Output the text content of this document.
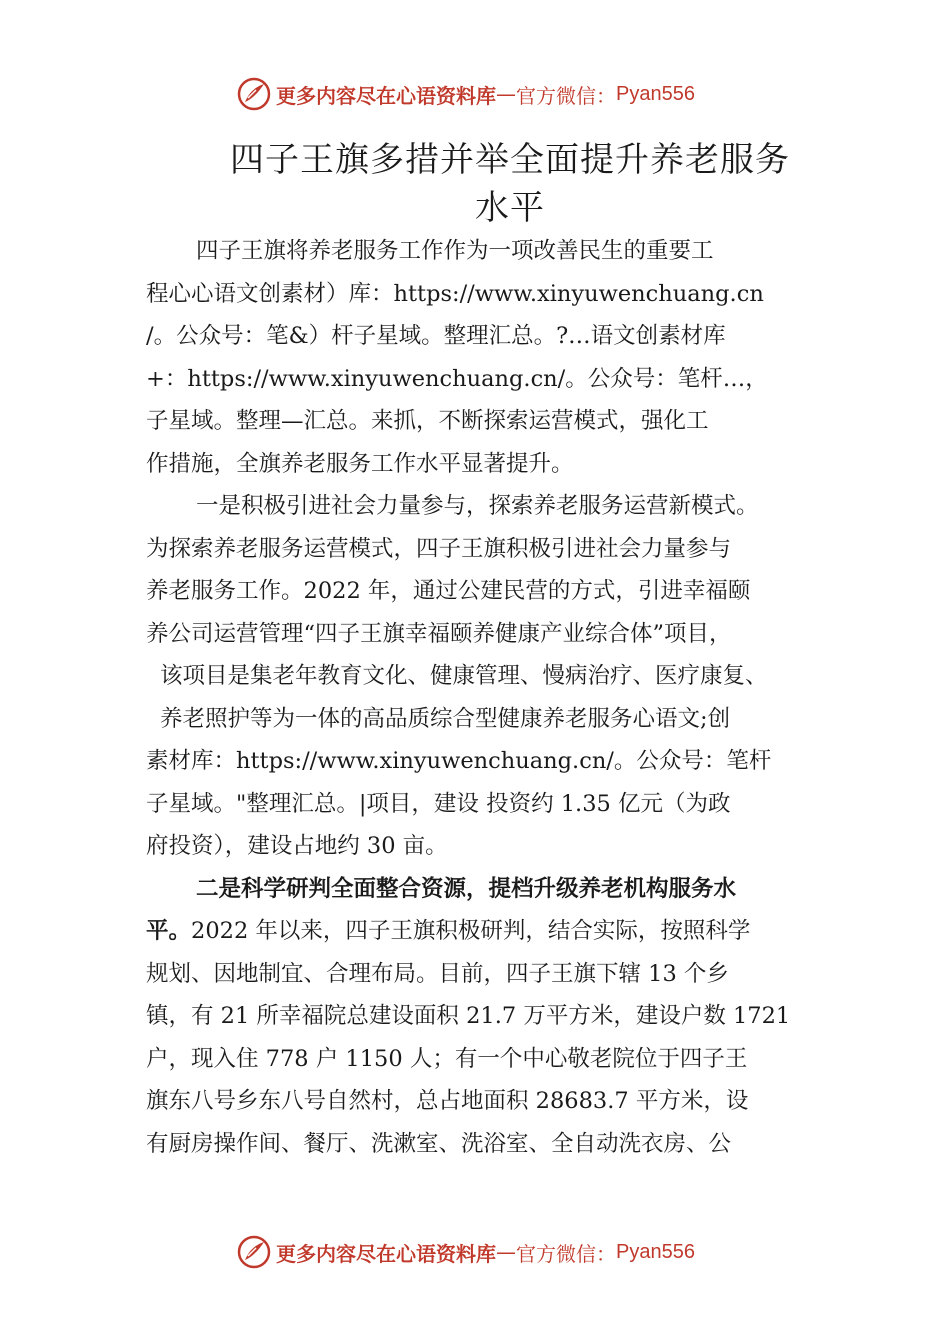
更多内容尽在心语资料库 — 官方微信： Pyan556
四子王旗多措并举全面提升养老服务
水平
四子王旗将养老服务工作作为一项改善民生的重要工
程心心语文创素材）库：https://www.xinyuwenchuang.cn
/。公众号：笔&）杆子星域。整理汇总。?…语文创素材库
+：https://www.xinyuwenchuang.cn/。公众号：笔杆…，
子星域。整理—汇总。来抓，不断探索运营模式，强化工
作措施，全旗养老服务工作水平显著提升。
一是积极引进社会力量参与，探索养老服务运营新模式。
为探索养老服务运营模式，四子王旗积极引进社会力量参与
养老服务工作。2022 年，通过公建民营的方式，引进幸福颐
养公司运营管理“四子王旗幸福颐养健康产业综合体”项目，
该项目是集老年教育文化、健康管理、慢病治疗、医疗康复、
养老照护等为一体的高品质综合型健康养老服务心语文;创
素材库：https://www.xinyuwenchuang.cn/。公众号：笔杆
子星域。"整理汇总。|项目，建设 投资约 1.35 亿元（为政
府投资），建设占地约 30 亩。
二是科学研判全面整合资源，提档升级养老机构服务水
平。2022 年以来，四子王旗积极研判，结合实际，按照科学
规划、因地制宜、合理布局。目前，四子王旗下辖 13 个乡
镇，有 21 所幸福院总建设面积 21.7 万平方米，建设户数 1721
户，现入住 778 户 1150 人；有一个中心敬老院位于四子王
旗东八号乡东八号自然村，总占地面积 28683.7 平方米，设
有厨房操作间、餐厅、洗漱室、洗浴室、全自动洗衣房、公
更多内容尽在心语资料库 — 官方微信： Pyan556
